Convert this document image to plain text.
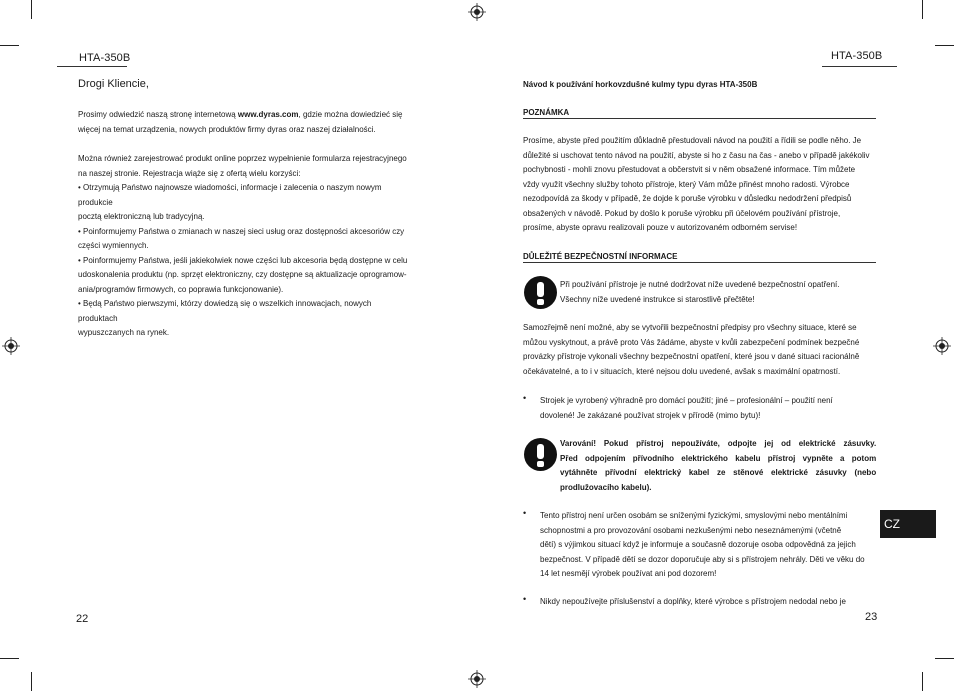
HTA-350B
Drogi Kliencie,

Prosimy odwiedzić naszą stronę internetową www.dyras.com, gdzie można dowiedzieć się

więcej na temat urządzenia, nowych produktów firmy dyras oraz naszej działalności.

Można również zarejestrować produkt online poprzez wypełnienie formularza rejestracyjnego

na naszej stronie. Rejestracja wiąże się z ofertą wielu korzyści:

• Otrzymują Państwo najnowsze wiadomości, informacje i zalecenia o naszym nowym produkcie

pocztą elektroniczną lub tradycyjną.

• Poinformujemy Państwa o zmianach w naszej sieci usług oraz dostępności akcesoriów czy

części wymiennych.

• Poinformujemy Państwa, jeśli jakiekolwiek nowe części lub akcesoria będą dostępne w celu

udoskonalenia produktu (np. sprzęt elektroniczny, czy dostępne są aktualizacje oprogramow-

ania/programów firmowych, co poprawia funkcjonowanie).

• Będą Państwo pierwszymi, którzy dowiedzą się o wszelkich innowacjach, nowych produktach

wypuszczanych na rynek.

22
HTA-350B
Návod k používání horkovzdušné kulmy typu dyras HTA-350B
POZNÁMKA

Prosíme, abyste před použitím důkladně přestudovali návod na použití a řídili se podle něho. Je

důležité si uschovat tento návod na použití, abyste si ho z času na čas - anebo v případě jakékoliv

pochybnosti - mohli znovu přestudovat a občerstvit si v něm obsažené informace. Tím můžete

vždy využít všechny služby tohoto přístroje, který Vám může přinést mnoho radosti. Výrobce

nezodpovídá za škody v případě, že dojde k poruše výrobku v důsledku nedodržení předpisů

obsažených v návodě. Pokud by došlo k poruše výrobku při účelovém používání přístroje,

prosíme, abyste opravu realizovali pouze v autorizovaném odborném servise!

DŮLEŽITÉ BEZPEČNOSTNÍ INFORMACE

Při používání přístroje je nutné dodržovat níže uvedené bezpečnostní opatření.

Všechny níže uvedené instrukce si starostlivě přečtěte!

Samozřejmě není možné, aby se vytvořili bezpečnostní předpisy pro všechny situace, které se

můžou vyskytnout, a právě proto Vás žádáme, abyste v kvůli zabezpečení podmínek bezpečné

provázky přístroje vykonali všechny bezpečnostní opatření, které jsou v dané situaci racionálně

očekávatelné, a to i v situacích, které nejsou dolu uvedené, avšak s maximální opatrností.

• Strojek je vyrobený výhradně pro domácí použití; jiné – profesionální – použití není

dovolené! Je zakázané používat strojek v přírodě (mimo bytu)!

Varování! Pokud přístroj nepoužíváte, odpojte jej od elektrické zásuvky.

Před odpojením přívodního elektrického kabelu přístroj vypněte a potom

vytáhněte přívodní elektrický kabel ze stěnové elektrické zásuvky (nebo

prodlužovacího kabelu).

• Tento přístroj není určen osobám se sníženými fyzickými, smyslovými nebo mentálními

schopnostmi a pro provozování osobami nezkušenými nebo neseznámenými (včetně

dětí) s výjimkou situací když je informuje a současně dozoruje osoba odpovědná za jejich

bezpečnost. V případě dětí se dozor doporučuje aby si s přístrojem nehrály. Děti ve věku do

14 let nesmějí výrobek používat ani pod dozorem!

• Nikdy nepoužívejte příslušenství a doplňky, které výrobce s přístrojem nedodal nebo je

CZ
23
